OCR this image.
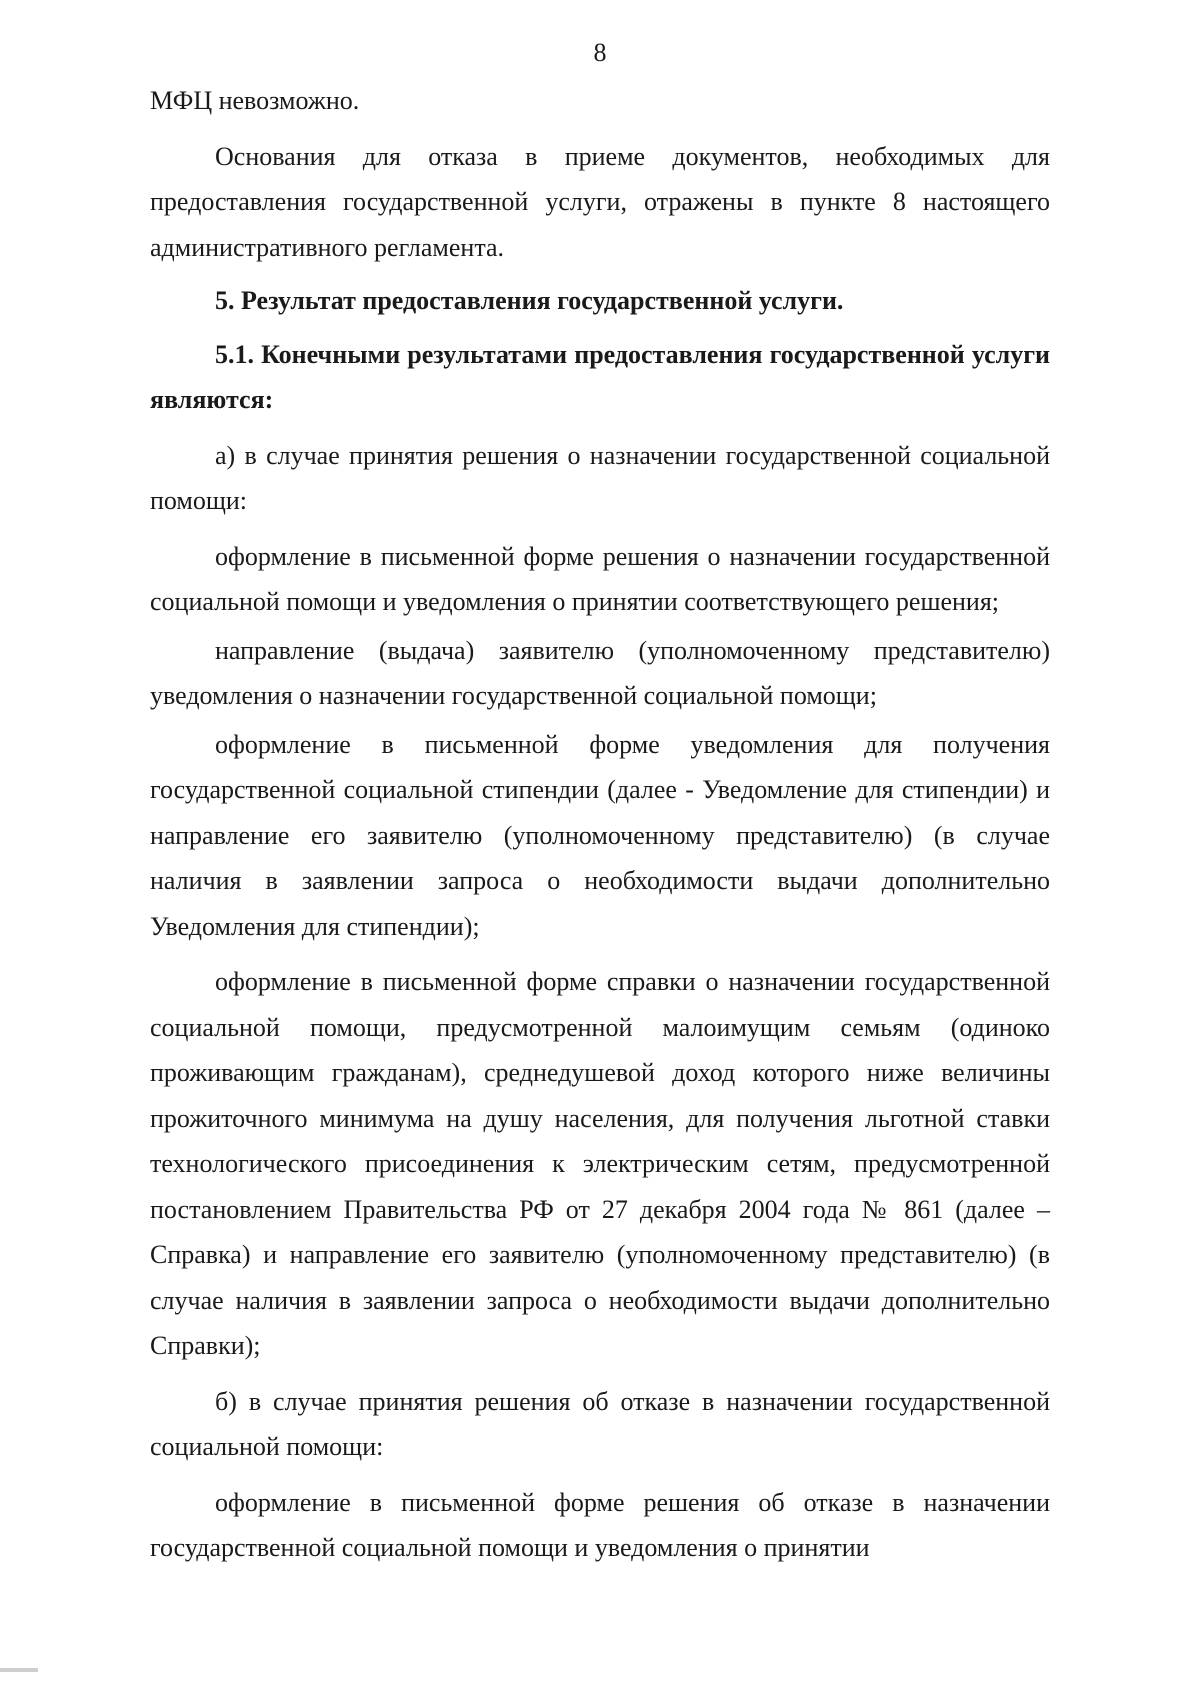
8

МФЦ невозможно.

Основания для отказа в приеме документов, необходимых для предоставления государственной услуги, отражены в пункте 8 настоящего административного регламента.

5. Результат предоставления государственной услуги.

5.1. Конечными результатами предоставления государственной услуги являются:

а) в случае принятия решения о назначении государственной социальной помощи:

оформление в письменной форме решения о назначении государственной социальной помощи и уведомления о принятии соответствующего решения;

направление (выдача) заявителю (уполномоченному представителю) уведомления о назначении государственной социальной помощи;

оформление в письменной форме уведомления для получения государственной социальной стипендии (далее - Уведомление для стипендии) и направление его заявителю (уполномоченному представителю) (в случае наличия в заявлении запроса о необходимости выдачи дополнительно Уведомления для стипендии);

оформление в письменной форме справки о назначении государственной социальной помощи, предусмотренной малоимущим семьям (одиноко проживающим гражданам), среднедушевой доход которого ниже величины прожиточного минимума на душу населения, для получения льготной ставки технологического присоединения к электрическим сетям, предусмотренной постановлением Правительства РФ от 27 декабря 2004 года № 861 (далее – Справка) и направление его заявителю (уполномоченному представителю) (в случае наличия в заявлении запроса о необходимости выдачи дополнительно Справки);

б) в случае принятия решения об отказе в назначении государственной социальной помощи:

оформление в письменной форме решения об отказе в назначении государственной социальной помощи и уведомления о принятии
